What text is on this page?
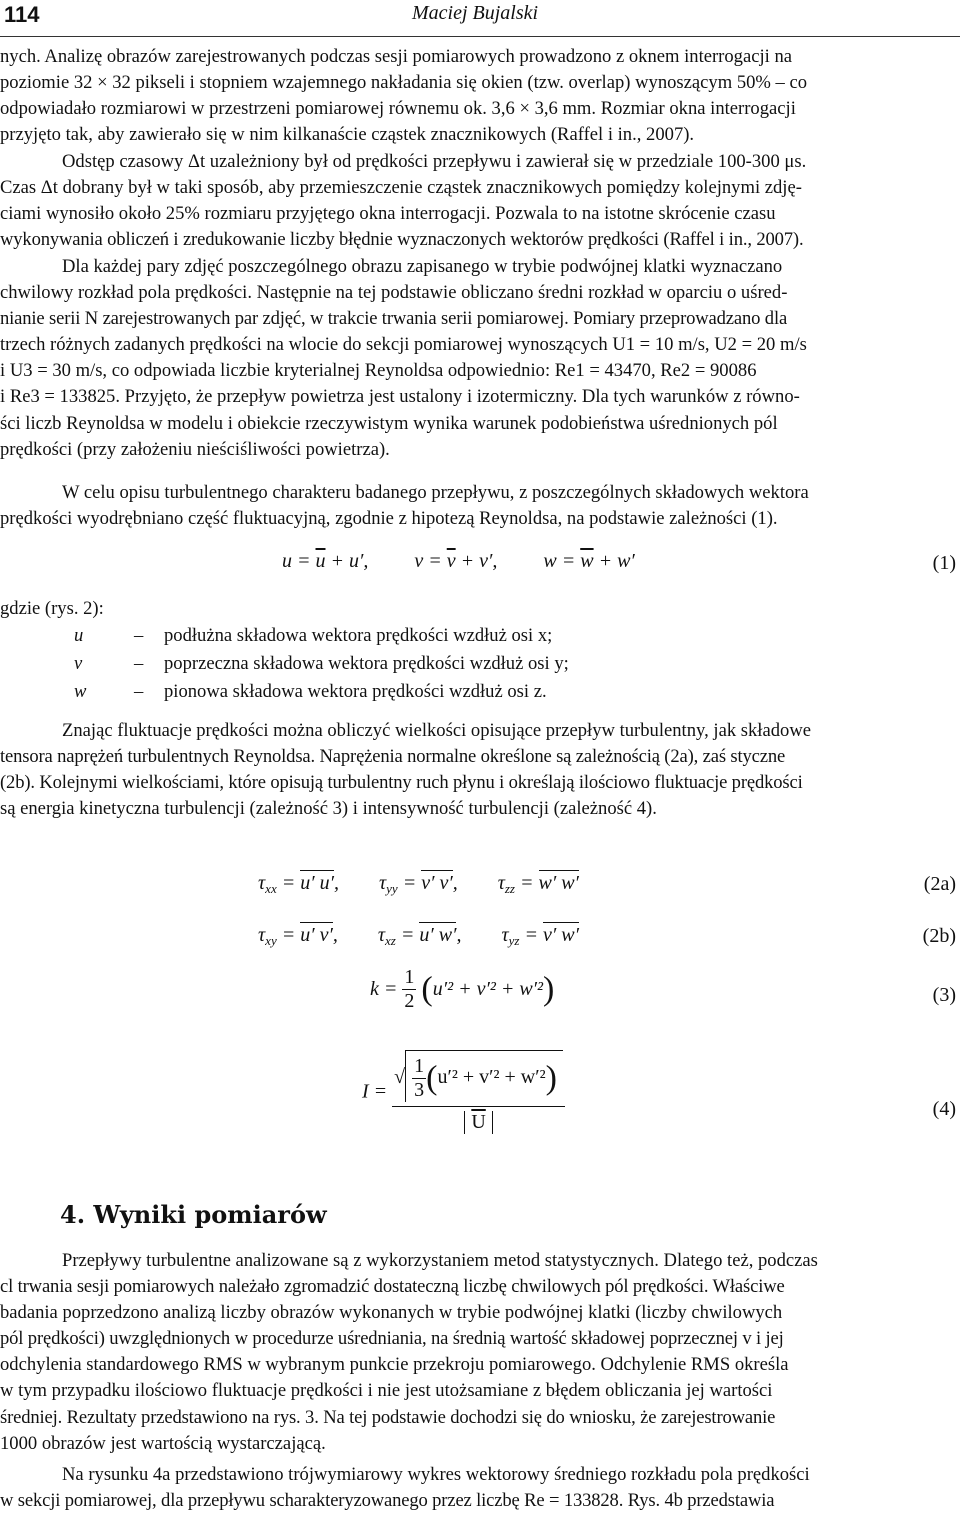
114	Maciej Bujalski
nych. Analizę obrazów zarejestrowanych podczas sesji pomiarowych prowadzono z oknem interrogacji na
poziomie 32 × 32 pikseli i stopniem wzajemnego nakładania się okien (tzw. overlap) wynoszącym 50% – co
odpowiadało rozmiarowi w przestrzeni pomiarowej równemu ok. 3,6 × 3,6 mm. Rozmiar okna interrogacji
przyjęto tak, aby zawierało się w nim kilkanaście cząstek znacznikowych (Raffel i in., 2007).
Odstęp czasowy Δt uzależniony był od prędkości przepływu i zawierał się w przedziale 100-300 μs.
Czas Δt dobrany był w taki sposób, aby przemieszczenie cząstek znacznikowych pomiędzy kolejnymi zdję-
ciami wynosiło około 25% rozmiaru przyjętego okna interrogacji. Pozwala to na istotne skrócenie czasu
wykonywania obliczeń i zredukowanie liczby błędnie wyznaczonych wektorów prędkości (Raffel i in., 2007).
Dla każdej pary zdjęć poszczególnego obrazu zapisanego w trybie podwójnej klatki wyznaczano
chwilowy rozkład pola prędkości. Następnie na tej podstawie obliczano średni rozkład w oparciu o uśred-
nianie serii N zarejestrowanych par zdjęć, w trakcie trwania serii pomiarowej. Pomiary przeprowadzano dla
trzech różnych zadanych prędkości na wlocie do sekcji pomiarowej wynoszących U1 = 10 m/s, U2 = 20 m/s
i U3 = 30 m/s, co odpowiada liczbie kryterialnej Reynoldsa odpowiednio: Re1 = 43470, Re2 = 90086
i Re3 = 133825. Przyjęto, że przepływ powietrza jest ustalony i izotermiczny. Dla tych warunków z równo-
ści liczb Reynoldsa w modelu i obiekcie rzeczywistym wynika warunek podobieństwa uśrednionych pól
prędkości (przy założeniu nieściśliwości powietrza).
W celu opisu turbulentnego charakteru badanego przepływu, z poszczególnych składowych wektora
prędkości wyodrębniano część fluktuacyjną, zgodnie z hipotezą Reynoldsa, na podstawie zależności (1).
$u = \overline{u} + u'$, $v = \overline{v} + v'$, $w = \overline{w} + w'$	(1)
gdzie (rys. 2):
u	– podłużna składowa wektora prędkości wzdłuż osi x;
v	– poprzeczna składowa wektora prędkości wzdłuż osi y;
w	– pionowa składowa wektora prędkości wzdłuż osi z.
Znając fluktuacje prędkości można obliczyć wielkości opisujące przepływ turbulentny, jak składowe
tensora naprężeń turbulentnych Reynoldsa. Naprężenia normalne określone są zależnością (2a), zaś styczne
(2b). Kolejnymi wielkościami, które opisują turbulentny ruch płynu i określają ilościowo fluktuacje prędkości
są energia kinetyczna turbulencji (zależność 3) i intensywność turbulencji (zależność 4).
$\tau_{xx} = u'$ u′,  $\tau_{yy} = v'$ v′,  $\tau_{zz} = w'$ w′	(2a)
$\tau_{xy} = u'$ v′,  $\tau_{xz} = u'$ w′,  $\tau_{yz} = v'$ w′	(2b)
$k = \frac{1}{2} (u'^2 + v'^2 + w'^2)$	(3)
$I = \frac{√ \frac{1}{3} (u'^2 + v'^2 + w'^2)}{U}$	(4)
4. Wyniki pomiarów
Przepływy turbulentne analizowane są z wykorzystaniem metod statystycznych. Dlatego też, podczas
cl trwania sesji pomiarowych należało zgromadzić dostateczną liczbę chwilowych pól prędkości. Właściwe
badania poprzedzono analizą liczby obrazów wykonanych w trybie podwójnej klatki (liczby chwilowych
pól prędkości) uwzględnionych w procedurze uśredniania, na średnią wartość składowej poprzecznej v i jej
odchylenia standardowego RMS w wybranym punkcie przekroju pomiarowego. Odchylenie RMS określa
w tym przypadku ilościowo fluktuacje prędkości i nie jest utożsamiane z błędem obliczania jej wartości
średniej. Rezultaty przedstawiono na rys. 3. Na tej podstawie dochodzi się do wniosku, że zarejestrowanie
1000 obrazów jest wartością wystarczającą.
Na rysunku 4a przedstawiono trójwymiarowy wykres wektorowy średniego rozkładu pola prędkości
w sekcji pomiarowej, dla przepływu scharakteryzowanego przez liczbę Re = 133828. Rys. 4b przedstawia
